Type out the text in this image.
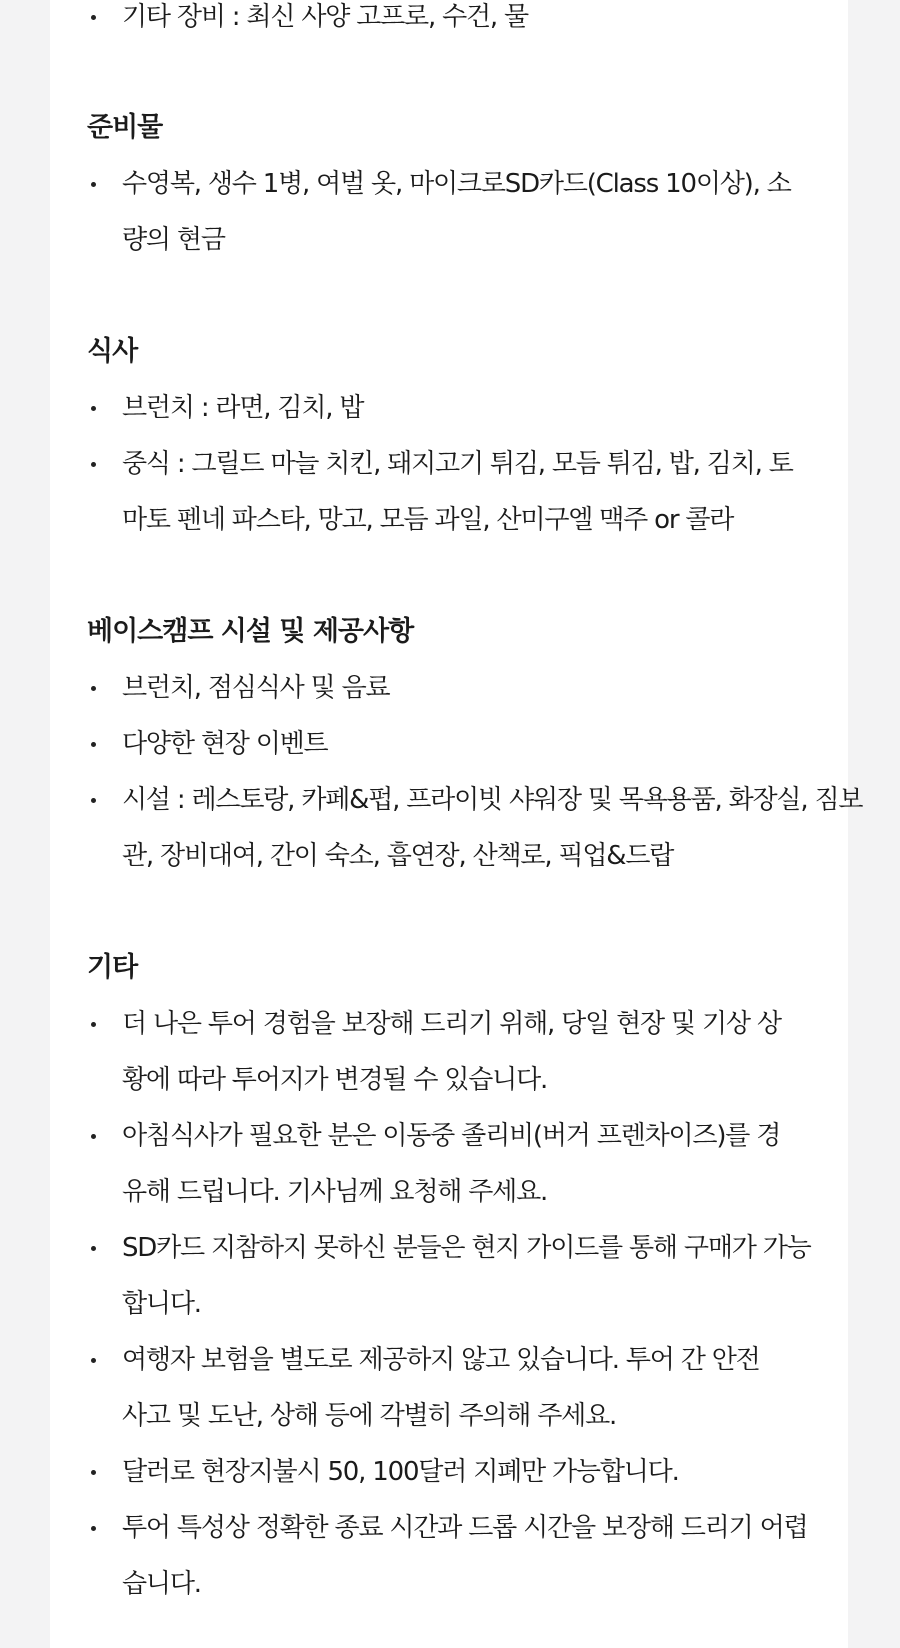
기타 장비 : 최신 사양 고프로, 수건, 물
준비물
수영복, 생수 1병, 여벌 옷, 마이크로SD카드(Class 10이상), 소량의 현금
식사
브런치 : 라면, 김치, 밥
중식 : 그릴드 마늘 치킨, 돼지고기 튀김, 모듬 튀김, 밥, 김치, 토마토 펜네 파스타, 망고, 모듬 과일, 산미구엘 맥주 or 콜라
베이스캠프 시설 및 제공사항
브런치, 점심식사 및 음료
다양한 현장 이벤트
시설 : 레스토랑, 카페&펍, 프라이빗 샤워장 및 목욕용품, 화장실, 짐보관, 장비대여, 간이 숙소, 흡연장, 산책로, 픽업&드랍
기타
더 나은 투어 경험을 보장해 드리기 위해, 당일 현장 및 기상 상황에 따라 투어지가 변경될 수 있습니다.
아침식사가 필요한 분은 이동중 졸리비(버거 프렌차이즈)를 경유해 드립니다. 기사님께 요청해 주세요.
SD카드 지참하지 못하신 분들은 현지 가이드를 통해 구매가 가능합니다.
여행자 보험을 별도로 제공하지 않고 있습니다. 투어 간 안전사고 및 도난, 상해 등에 각별히 주의해 주세요.
달러로 현장지불시 50, 100달러 지폐만 가능합니다.
투어 특성상 정확한 종료 시간과 드롭 시간을 보장해 드리기 어렵습니다.
